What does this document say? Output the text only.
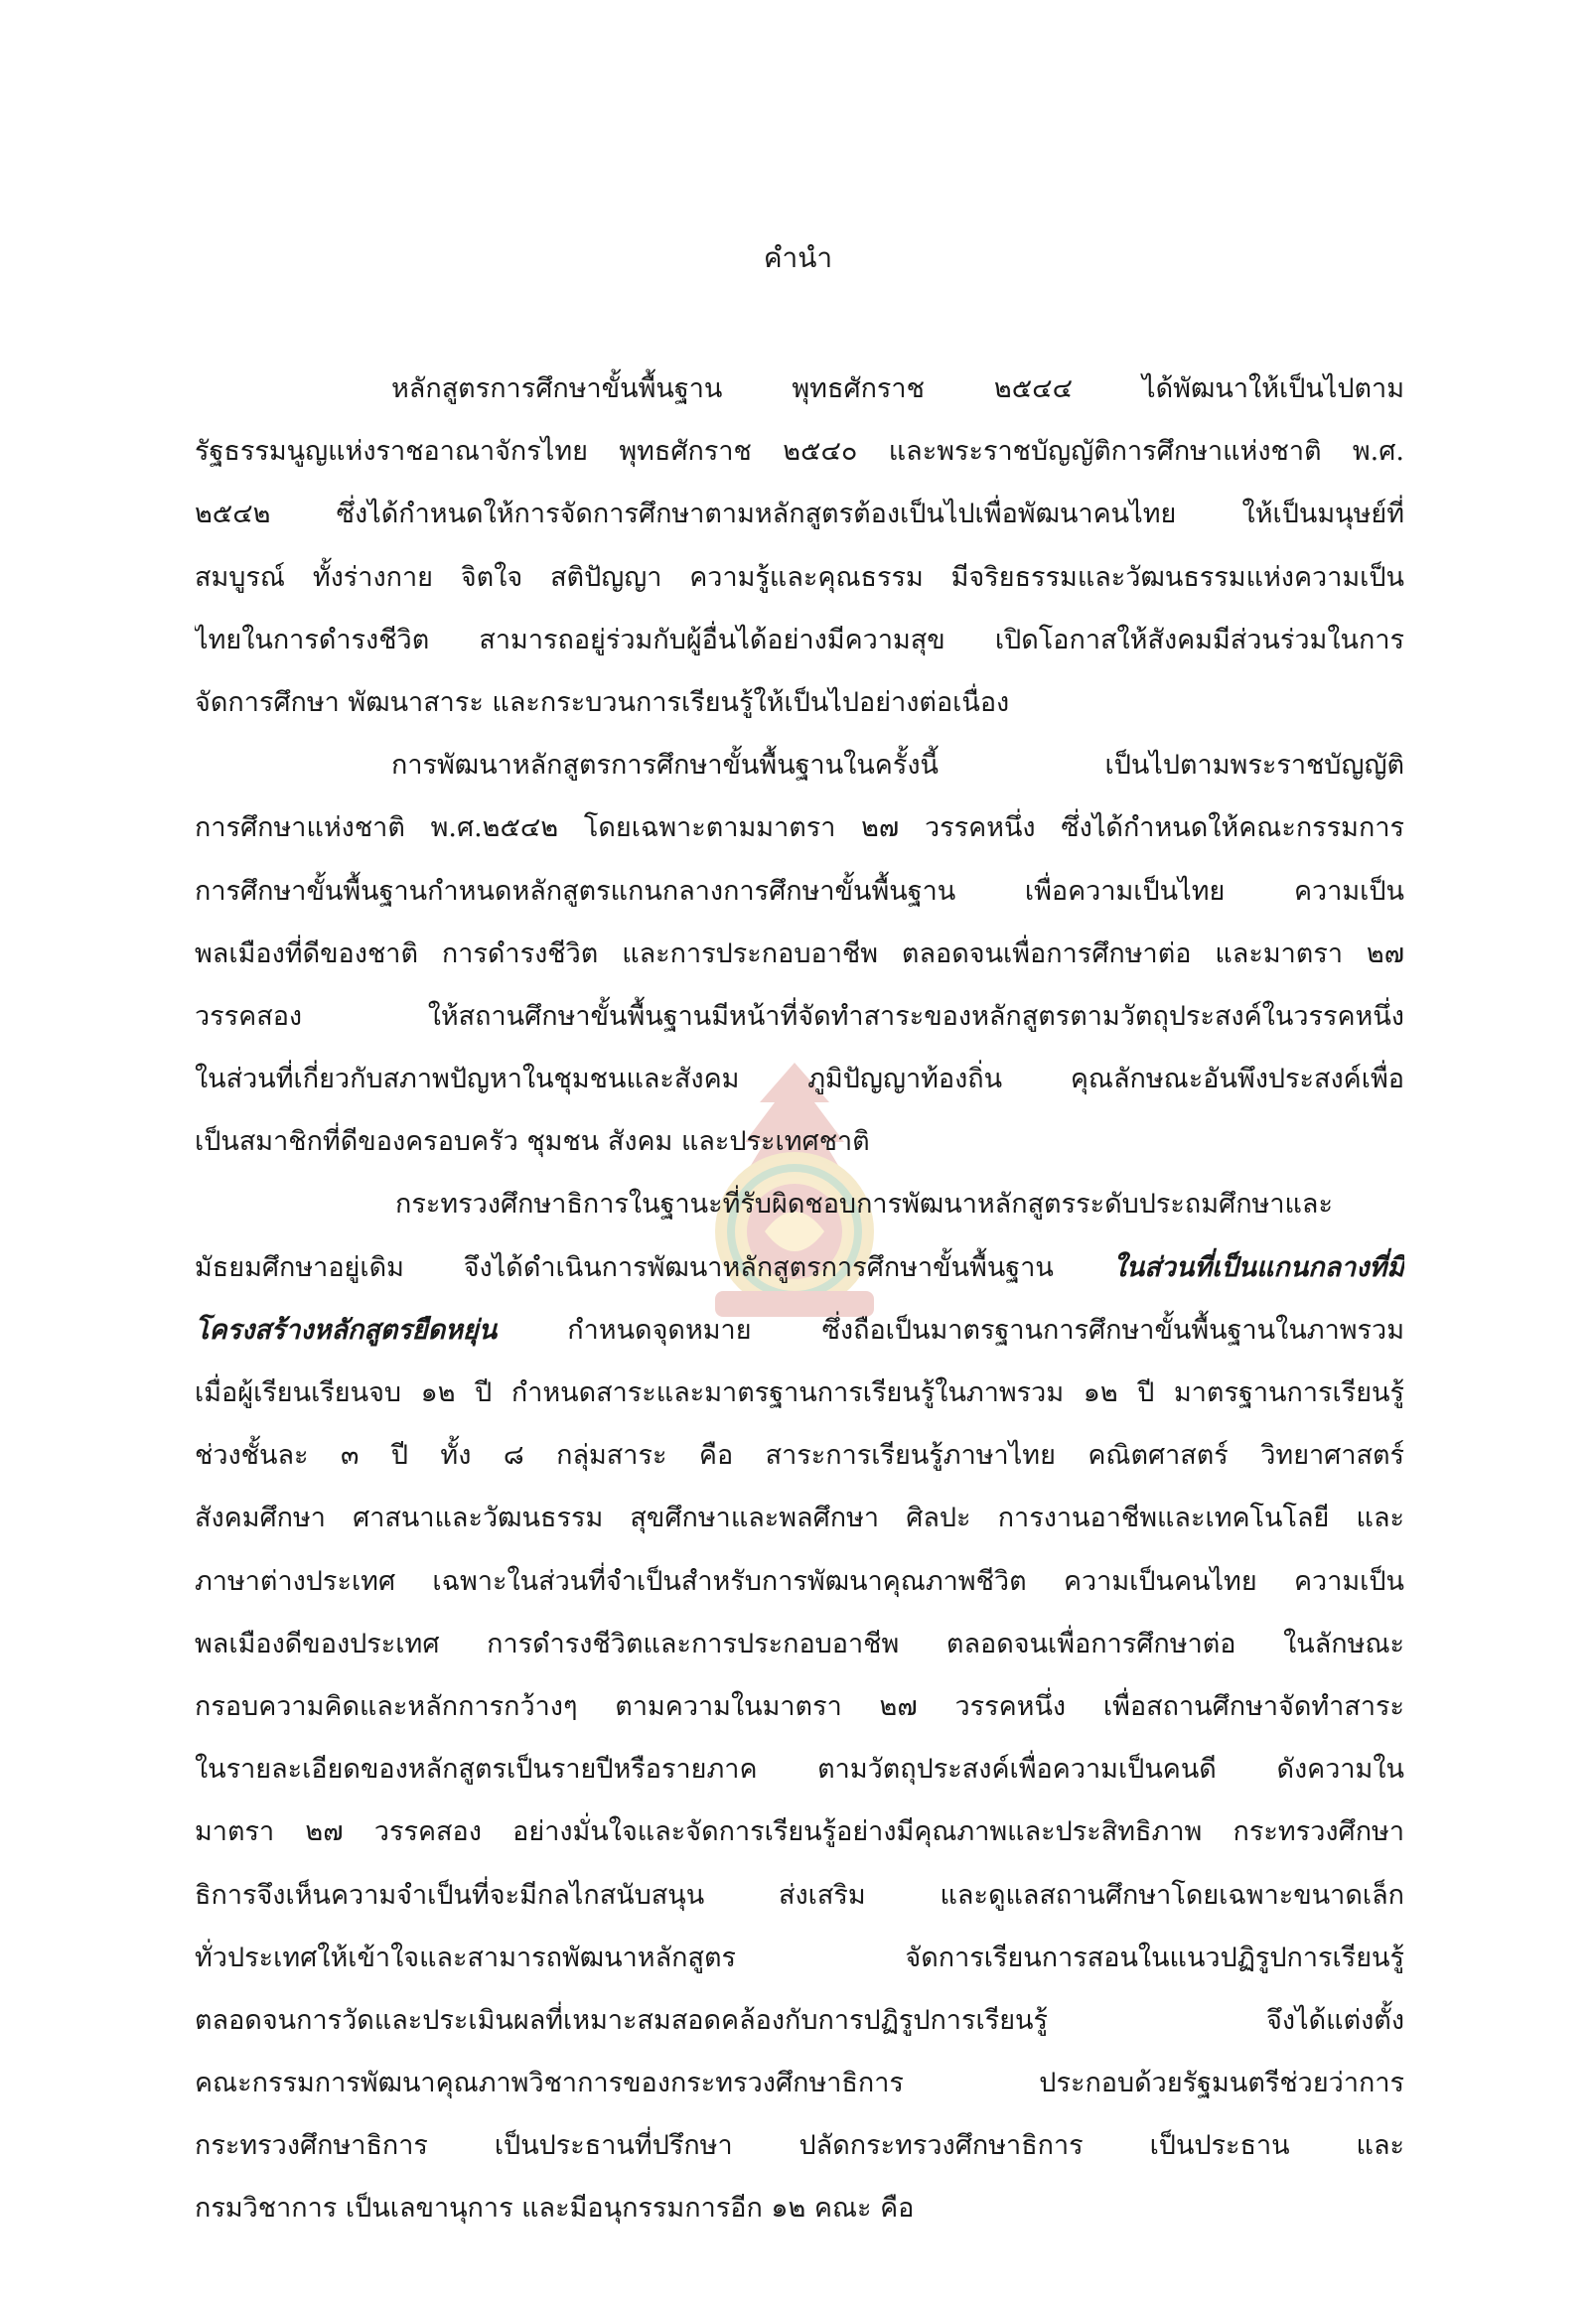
คำนำ
หลักสูตรการศึกษาขั้นพื้นฐาน พุทธศักราช ๒๕๔๔ ได้พัฒนาให้เป็นไปตาม
รัฐธรรมนูญแห่งราชอาณาจักรไทย พุทธศักราช ๒๕๔๐ และพระราชบัญญัติการศึกษาแห่งชาติ พ.ศ.
๒๕๔๒ ซึ่งได้กำหนดให้การจัดการศึกษาตามหลักสูตรต้องเป็นไปเพื่อพัฒนาคนไทย ให้เป็นมนุษย์ที่
สมบูรณ์ ทั้งร่างกาย จิตใจ สติปัญญา ความรู้และคุณธรรม มีจริยธรรมและวัฒนธรรมแห่งความเป็น
ไทยในการดำรงชีวิต สามารถอยู่ร่วมกับผู้อื่นได้อย่างมีความสุข เปิดโอกาสให้สังคมมีส่วนร่วมในการ
จัดการศึกษา พัฒนาสาระ และกระบวนการเรียนรู้ให้เป็นไปอย่างต่อเนื่อง
การพัฒนาหลักสูตรการศึกษาขั้นพื้นฐานในครั้งนี้ เป็นไปตามพระราชบัญญัติ
การศึกษาแห่งชาติ พ.ศ.๒๕๔๒ โดยเฉพาะตามมาตรา ๒๗ วรรคหนึ่ง ซึ่งได้กำหนดให้คณะกรรมการ
การศึกษาขั้นพื้นฐานกำหนดหลักสูตรแกนกลางการศึกษาขั้นพื้นฐาน เพื่อความเป็นไทย ความเป็น
พลเมืองที่ดีของชาติ การดำรงชีวิต และการประกอบอาชีพ ตลอดจนเพื่อการศึกษาต่อ และมาตรา ๒๗
วรรคสอง ให้สถานศึกษาขั้นพื้นฐานมีหน้าที่จัดทำสาระของหลักสูตรตามวัตถุประสงค์ในวรรคหนึ่ง
ในส่วนที่เกี่ยวกับสภาพปัญหาในชุมชนและสังคม ภูมิปัญญาท้องถิ่น คุณลักษณะอันพึงประสงค์เพื่อ
เป็นสมาชิกที่ดีของครอบครัว ชุมชน สังคม และประเทศชาติ
กระทรวงศึกษาธิการในฐานะที่รับผิดชอบการพัฒนาหลักสูตรระดับประถมศึกษาและ
มัธยมศึกษาอยู่เดิม จึงได้ดำเนินการพัฒนาหลักสูตรการศึกษาขั้นพื้นฐาน ในส่วนที่เป็นแกนกลางที่มี
โครงสร้างหลักสูตรยืดหยุ่น กำหนดจุดหมาย ซึ่งถือเป็นมาตรฐานการศึกษาขั้นพื้นฐานในภาพรวม
เมื่อผู้เรียนเรียนจบ ๑๒ ปี กำหนดสาระและมาตรฐานการเรียนรู้ในภาพรวม ๑๒ ปี มาตรฐานการเรียนรู้
ช่วงชั้นละ ๓ ปี ทั้ง ๘ กลุ่มสาระ คือ สาระการเรียนรู้ภาษาไทย คณิตศาสตร์ วิทยาศาสตร์
สังคมศึกษา ศาสนาและวัฒนธรรม สุขศึกษาและพลศึกษา ศิลปะ การงานอาชีพและเทคโนโลยี และ
ภาษาต่างประเทศ เฉพาะในส่วนที่จำเป็นสำหรับการพัฒนาคุณภาพชีวิต ความเป็นคนไทย ความเป็น
พลเมืองดีของประเทศ การดำรงชีวิตและการประกอบอาชีพ ตลอดจนเพื่อการศึกษาต่อ ในลักษณะ
กรอบความคิดและหลักการกว้างๆ ตามความในมาตรา ๒๗ วรรคหนึ่ง เพื่อสถานศึกษาจัดทำสาระ
ในรายละเอียดของหลักสูตรเป็นรายปีหรือรายภาค ตามวัตถุประสงค์เพื่อความเป็นคนดี ดังความใน
มาตรา ๒๗ วรรคสอง อย่างมั่นใจและจัดการเรียนรู้อย่างมีคุณภาพและประสิทธิภาพ กระทรวงศึกษา
ธิการจึงเห็นความจำเป็นที่จะมีกลไกสนับสนุน ส่งเสริม และดูแลสถานศึกษาโดยเฉพาะขนาดเล็ก
ทั่วประเทศให้เข้าใจและสามารถพัฒนาหลักสูตร จัดการเรียนการสอนในแนวปฏิรูปการเรียนรู้
ตลอดจนการวัดและประเมินผลที่เหมาะสมสอดคล้องกับการปฏิรูปการเรียนรู้ จึงได้แต่งตั้ง
คณะกรรมการพัฒนาคุณภาพวิชาการของกระทรวงศึกษาธิการ ประกอบด้วยรัฐมนตรีช่วยว่าการ
กระทรวงศึกษาธิการ เป็นประธานที่ปรึกษา ปลัดกระทรวงศึกษาธิการ เป็นประธาน และ
กรมวิชาการ เป็นเลขานุการ และมีอนุกรรมการอีก ๑๒ คณะ คือ
